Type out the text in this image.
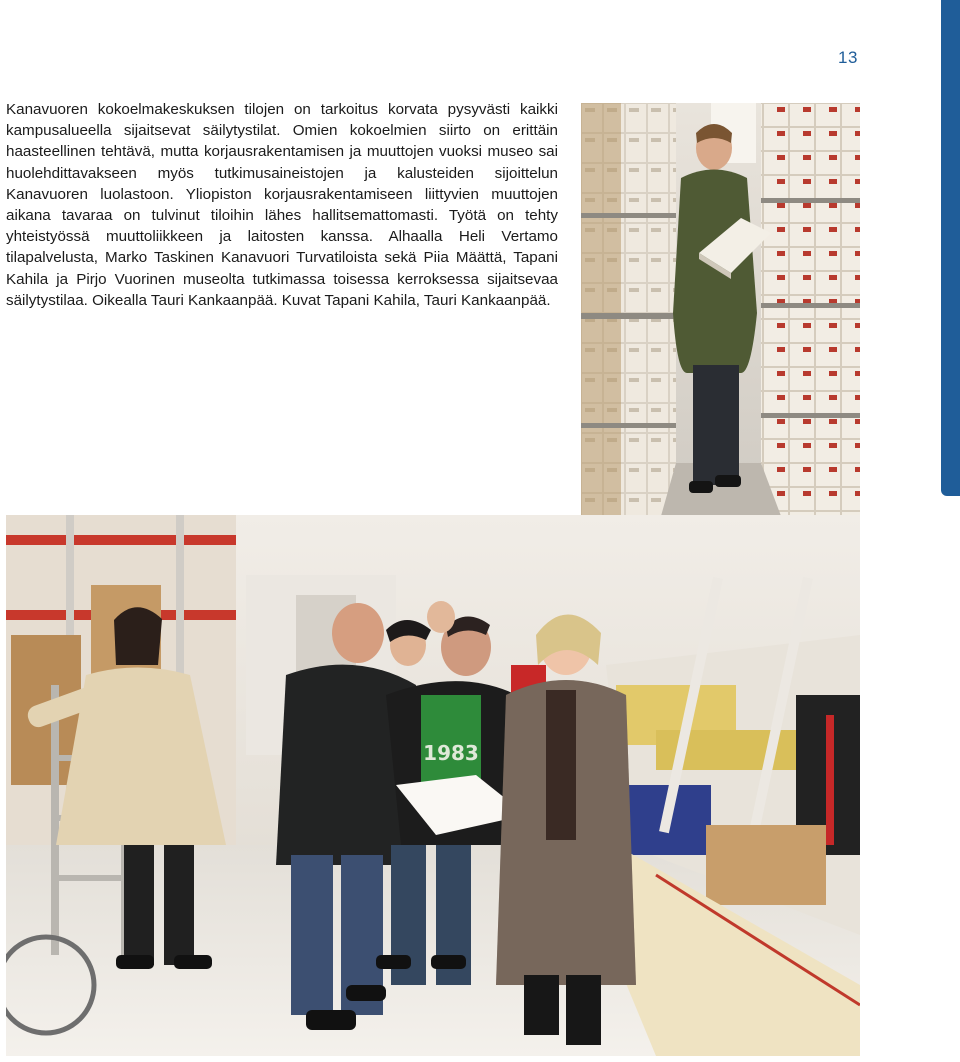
13

Kanavuoren kokoelmakeskuksen tilojen on tarkoitus korvata pysyvästi kaikki kampusalueella sijaitsevat säilytystilat. Omien kokoelmien siirto on erittäin haasteellinen tehtävä, mutta korjausrakentamisen ja muuttojen vuoksi museo sai huolehdittavakseen myös tutkimusaineistojen ja kalusteiden sijoittelun Kanavuoren luolastoon. Yliopiston korjausrakentamiseen liittyvien muuttojen aikana tavaraa on tulvinut tiloihin lähes hallitsemattomasti. Työtä on tehty yhteistyössä muuttoliikkeen ja laitosten kanssa. Alhaalla Heli Vertamo tilapalvelusta, Marko Taskinen Kanavuori Turvatiloista sekä Piia Määttä, Tapani Kahila ja Pirjo Vuorinen museolta tutkimassa toisessa kerroksessa sijaitsevaa säilytystilaa. Oikealla Tauri Kankaanpää. Kuvat Tapani Kahila, Tauri Kankaanpää.

1983
